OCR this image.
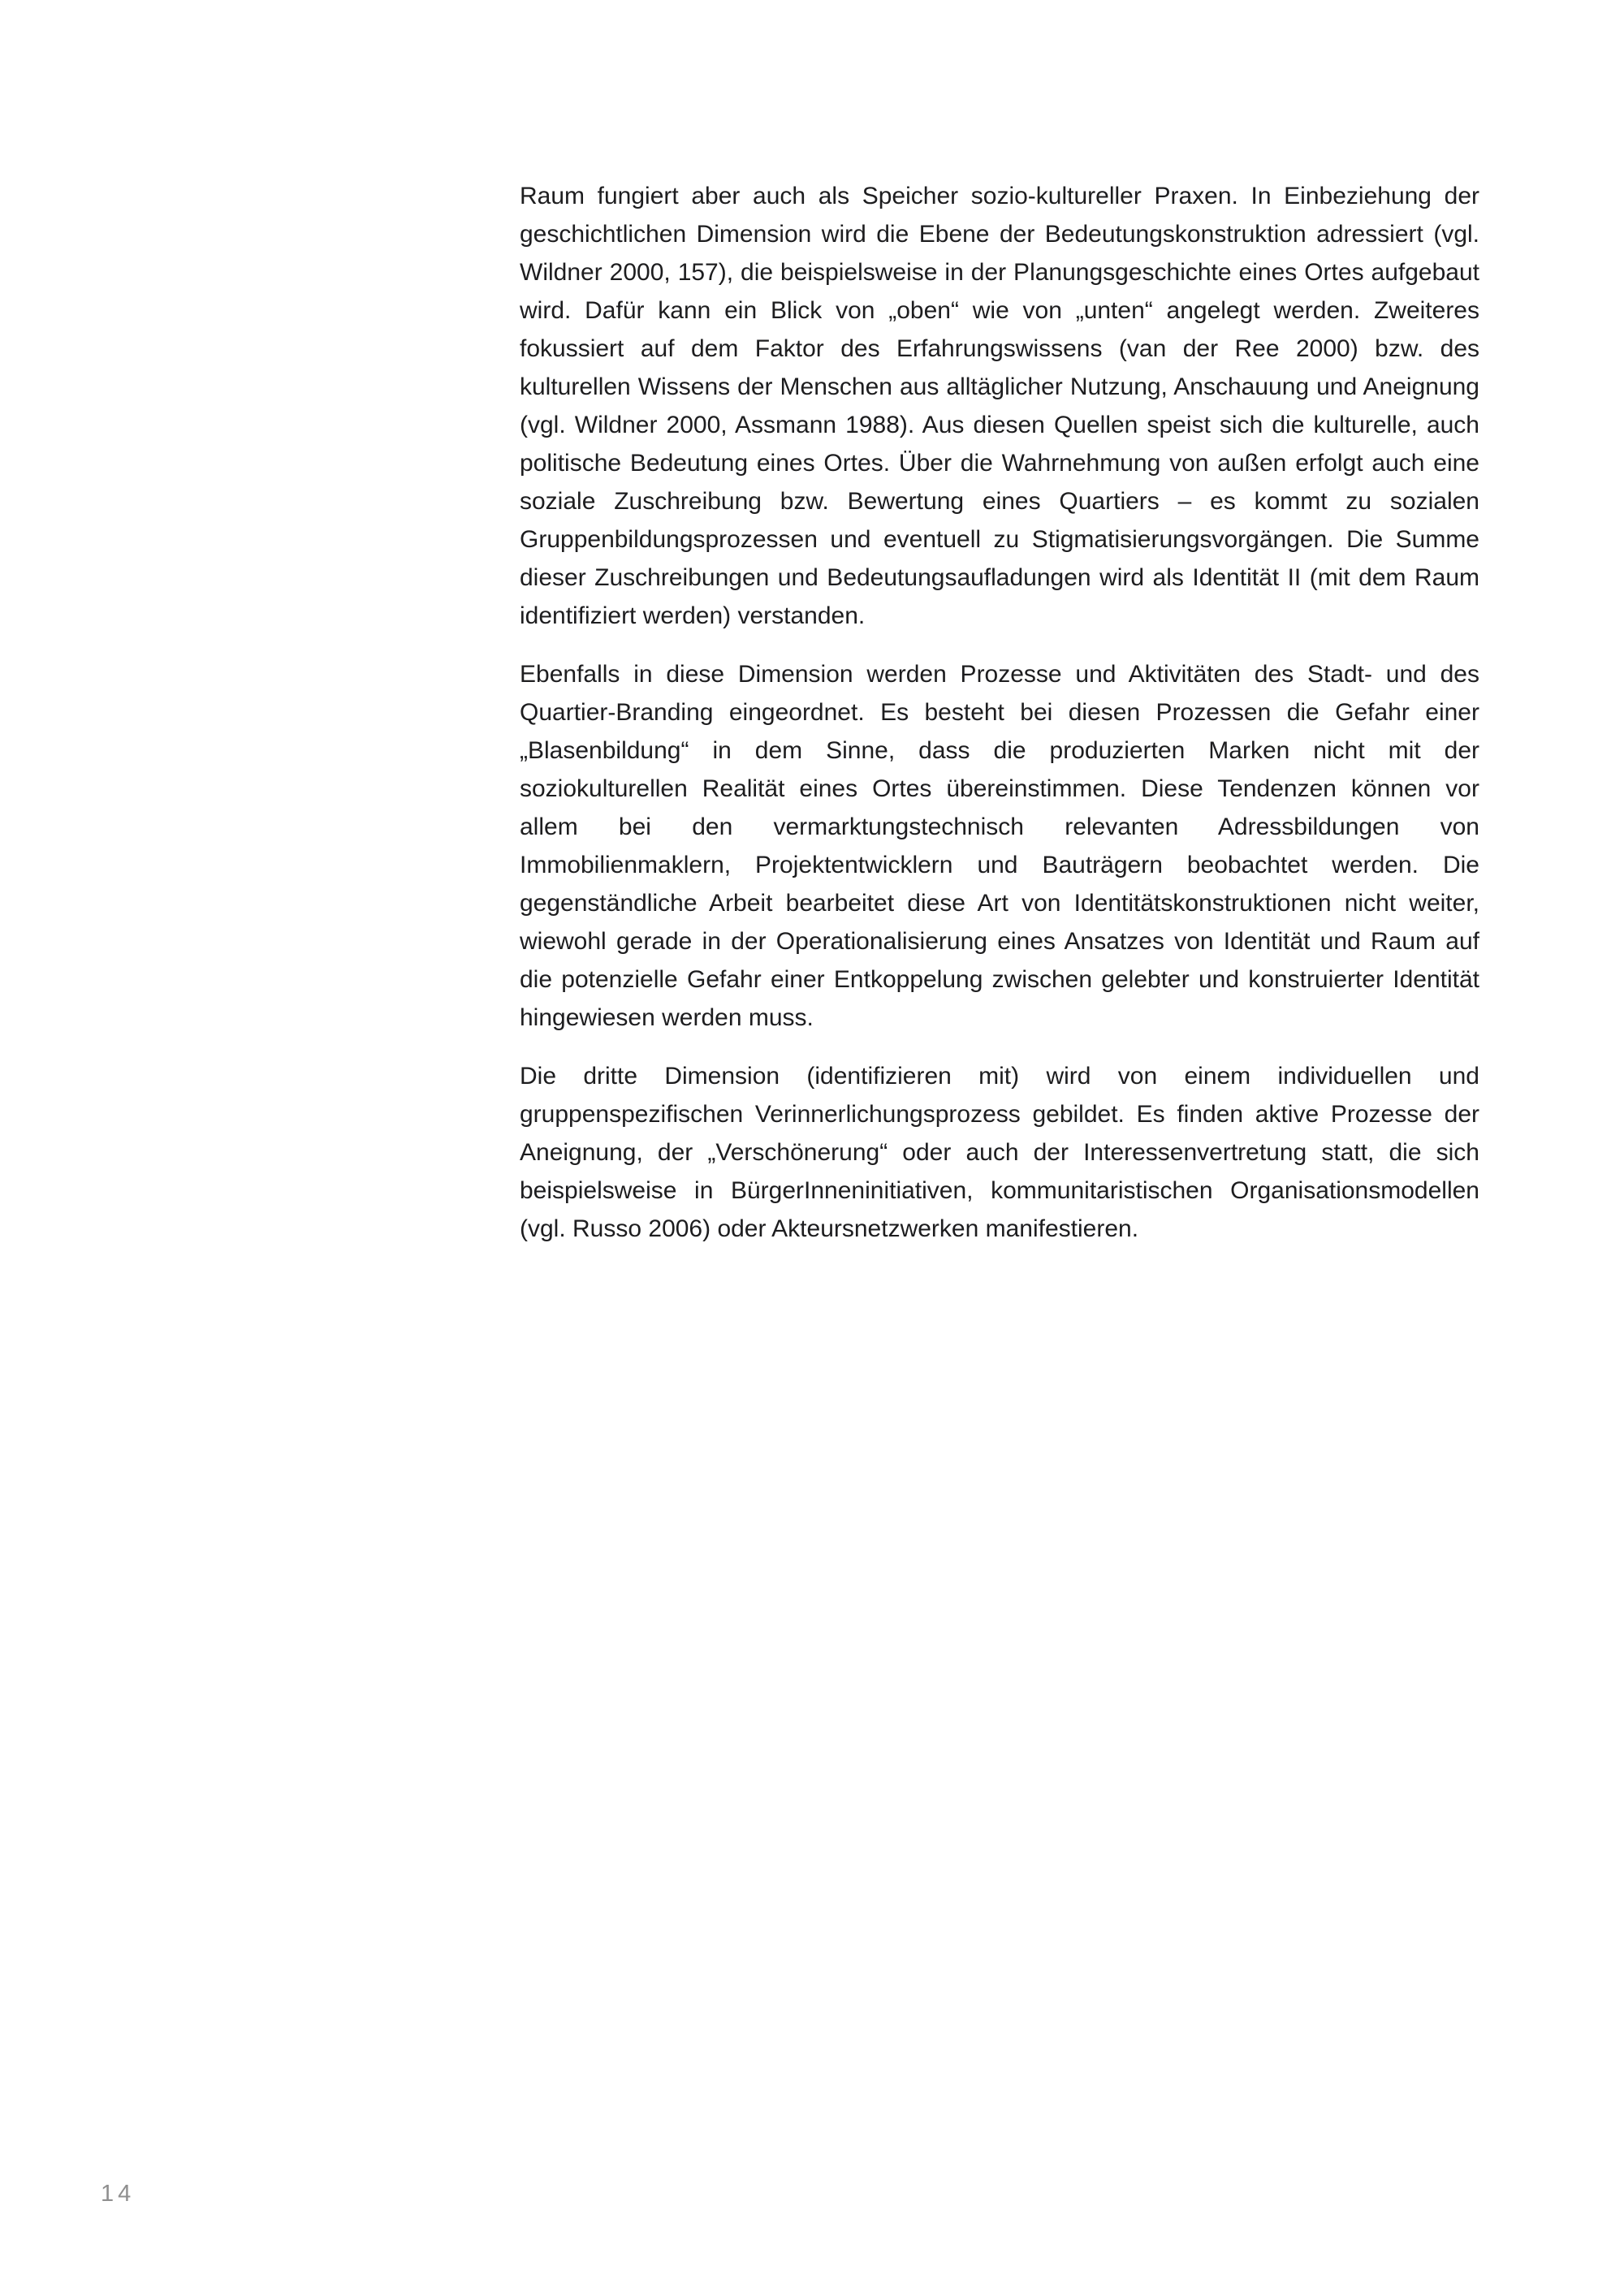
Raum fungiert aber auch als Speicher sozio-kultureller Praxen. In Einbeziehung der geschichtlichen Dimension wird die Ebene der Bedeutungskonstruktion adressiert (vgl. Wildner 2000, 157), die beispielsweise in der Planungsgeschichte eines Ortes aufgebaut wird. Dafür kann ein Blick von „oben“ wie von „unten“ angelegt werden. Zweiteres fokussiert auf dem Faktor des Erfahrungswissens (van der Ree 2000) bzw. des kulturellen Wissens der Menschen aus alltäglicher Nutzung, Anschauung und Aneignung (vgl. Wildner 2000, Assmann 1988). Aus diesen Quellen speist sich die kulturelle, auch politische Bedeutung eines Ortes. Über die Wahrnehmung von außen erfolgt auch eine soziale Zuschreibung bzw. Bewertung eines Quartiers – es kommt zu sozialen Gruppenbildungsprozessen und eventuell zu Stigmatisierungsvorgängen. Die Summe dieser Zuschreibungen und Bedeutungsaufladungen wird als Identität II (mit dem Raum identifiziert werden) verstanden.

Ebenfalls in diese Dimension werden Prozesse und Aktivitäten des Stadt- und des Quartier-Branding eingeordnet. Es besteht bei diesen Prozessen die Gefahr einer „Blasenbildung“ in dem Sinne, dass die produzierten Marken nicht mit der soziokulturellen Realität eines Ortes übereinstimmen. Diese Tendenzen können vor allem bei den vermarktungstechnisch relevanten Adressbildungen von Immobilienmaklern, Projektentwicklern und Bauträgern beobachtet werden. Die gegenständliche Arbeit bearbeitet diese Art von Identitätskonstruktionen nicht weiter, wiewohl gerade in der Operationalisierung eines Ansatzes von Identität und Raum auf die potenzielle Gefahr einer Entkoppelung zwischen gelebter und konstruierter Identität hingewiesen werden muss.

Die dritte Dimension (identifizieren mit) wird von einem individuellen und gruppenspezifischen Verinnerlichungsprozess gebildet. Es finden aktive Prozesse der Aneignung, der „Verschönerung“ oder auch der Interessenvertretung statt, die sich beispielsweise in BürgerInneninitiativen, kommunitaristischen Organisationsmodellen (vgl. Russo 2006) oder Akteursnetzwerken manifestieren.

14
